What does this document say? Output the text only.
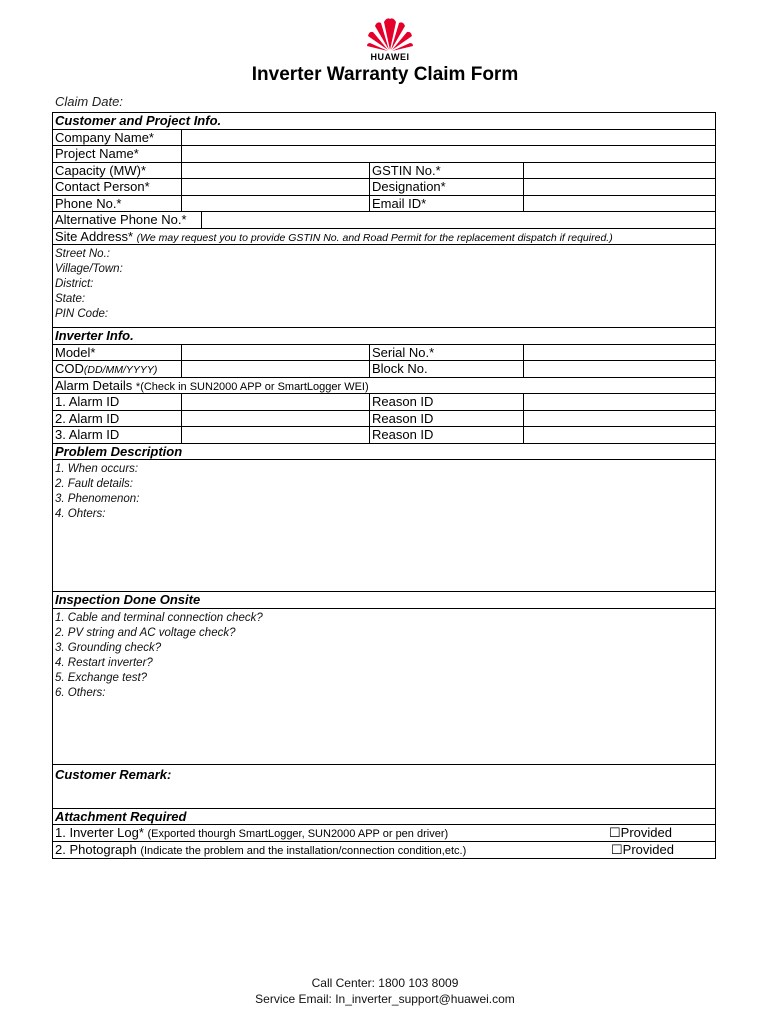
HUAWEI
Inverter Warranty Claim Form
Claim Date:
Customer and Project Info.
Company Name*
Project Name*
Capacity (MW)*	GSTIN No.*
Contact Person*	Designation*
Phone No.*	Email ID*
Alternative Phone No.*
Site Address* (We may request you to provide GSTIN No. and Road Permit for the replacement dispatch if required.)
Street No.:
Village/Town:
District:
State:
PIN Code:
Inverter Info.
Model*	Serial No.*
COD(DD/MM/YYYY)	Block No.
Alarm Details *(Check in SUN2000 APP or SmartLogger WEI)
1. Alarm ID	Reason ID
2. Alarm ID	Reason ID
3. Alarm ID	Reason ID
Problem Description
1. When occurs:
2. Fault details:
3. Phenomenon:
4. Ohters:
Inspection Done Onsite
1. Cable and terminal connection check?
2. PV string and AC voltage check?
3. Grounding check?
4. Restart inverter?
5. Exchange test?
6. Others:
Customer Remark:
Attachment Required
1. Inverter Log* (Exported thourgh SmartLogger, SUN2000 APP or pen driver)	☐Provided
2. Photograph (Indicate the problem and the installation/connection condition,etc.)	☐Provided
Call Center: 1800 103 8009
Service Email: In_inverter_support@huawei.com
